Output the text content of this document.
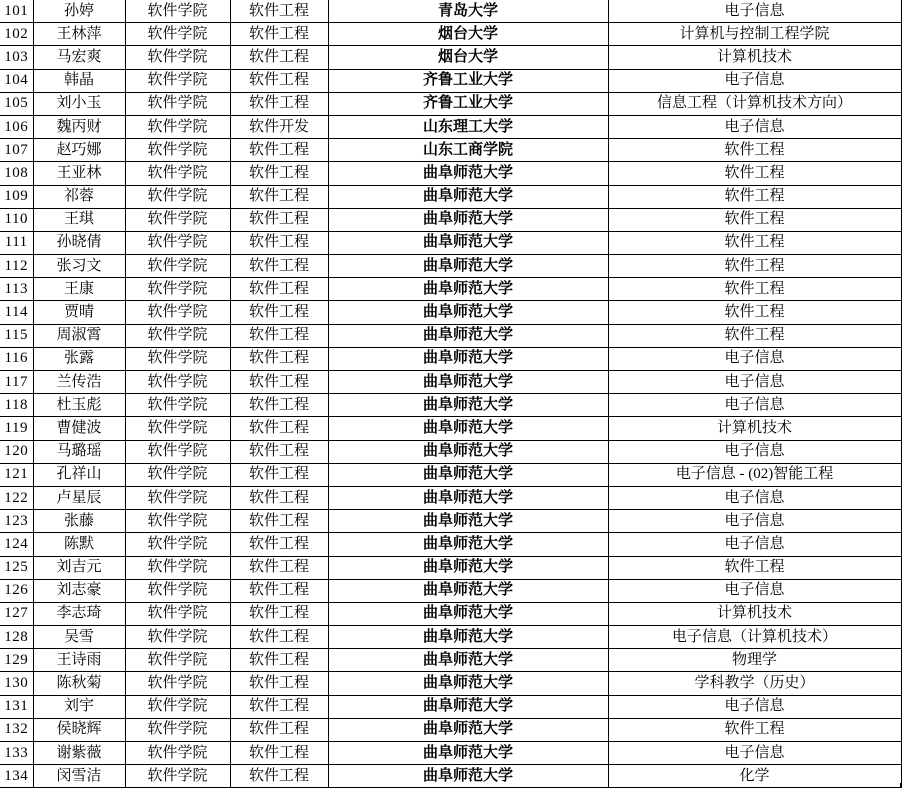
101	孙婷	软件学院	软件工程	青岛大学	电子信息
102	王林萍	软件学院	软件工程	烟台大学	计算机与控制工程学院
103	马宏爽	软件学院	软件工程	烟台大学	计算机技术
104	韩晶	软件学院	软件工程	齐鲁工业大学	电子信息
105	刘小玉	软件学院	软件工程	齐鲁工业大学	信息工程（计算机技术方向）
106	魏丙财	软件学院	软件开发	山东理工大学	电子信息
107	赵巧娜	软件学院	软件工程	山东工商学院	软件工程
108	王亚林	软件学院	软件工程	曲阜师范大学	软件工程
109	祁蓉	软件学院	软件工程	曲阜师范大学	软件工程
110	王琪	软件学院	软件工程	曲阜师范大学	软件工程
111	孙晓倩	软件学院	软件工程	曲阜师范大学	软件工程
112	张习文	软件学院	软件工程	曲阜师范大学	软件工程
113	王康	软件学院	软件工程	曲阜师范大学	软件工程
114	贾晴	软件学院	软件工程	曲阜师范大学	软件工程
115	周淑霄	软件学院	软件工程	曲阜师范大学	软件工程
116	张露	软件学院	软件工程	曲阜师范大学	电子信息
117	兰传浩	软件学院	软件工程	曲阜师范大学	电子信息
118	杜玉彪	软件学院	软件工程	曲阜师范大学	电子信息
119	曹健波	软件学院	软件工程	曲阜师范大学	计算机技术
120	马璐瑶	软件学院	软件工程	曲阜师范大学	电子信息
121	孔祥山	软件学院	软件工程	曲阜师范大学	电子信息 - (02)智能工程
122	卢星辰	软件学院	软件工程	曲阜师范大学	电子信息
123	张藤	软件学院	软件工程	曲阜师范大学	电子信息
124	陈默	软件学院	软件工程	曲阜师范大学	电子信息
125	刘吉元	软件学院	软件工程	曲阜师范大学	软件工程
126	刘志豪	软件学院	软件工程	曲阜师范大学	电子信息
127	李志琦	软件学院	软件工程	曲阜师范大学	计算机技术
128	吴雪	软件学院	软件工程	曲阜师范大学	电子信息（计算机技术）
129	王诗雨	软件学院	软件工程	曲阜师范大学	物理学
130	陈秋菊	软件学院	软件工程	曲阜师范大学	学科教学（历史）
131	刘宇	软件学院	软件工程	曲阜师范大学	电子信息
132	侯晓辉	软件学院	软件工程	曲阜师范大学	软件工程
133	谢紫薇	软件学院	软件工程	曲阜师范大学	电子信息
134	闵雪洁	软件学院	软件工程	曲阜师范大学	化学
